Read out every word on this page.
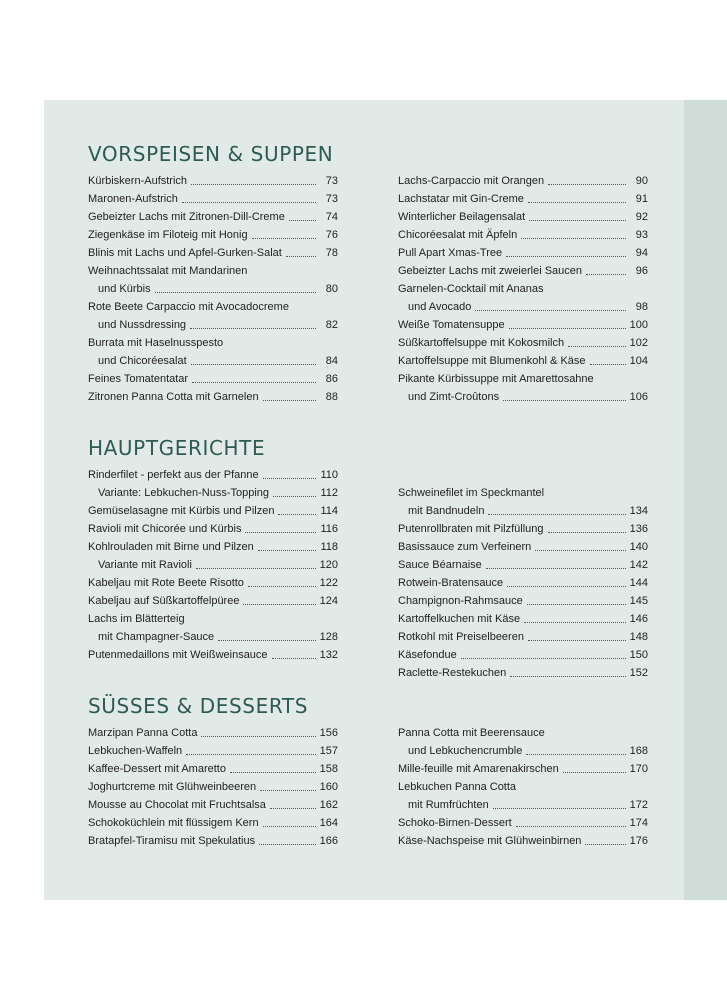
VORSPEISEN & SUPPEN
Kürbiskern-Aufstrich	73
Maronen-Aufstrich	73
Gebeizter Lachs mit Zitronen-Dill-Creme	74
Ziegenkäse im Filoteig mit Honig	76
Blinis mit Lachs und Apfel-Gurken-Salat	78
Weihnachtssalat mit Mandarinen
und Kürbis	80
Rote Beete Carpaccio mit Avocadocreme
und Nussdressing	82
Burrata mit Haselnusspesto
und Chicoréesalat	84
Feines Tomatentatar	86
Zitronen Panna Cotta mit Garnelen	88
Lachs-Carpaccio mit Orangen	90
Lachstatar mit Gin-Creme	91
Winterlicher Beilagensalat	92
Chicoréesalat mit Äpfeln	93
Pull Apart Xmas-Tree	94
Gebeizter Lachs mit zweierlei Saucen	96
Garnelen-Cocktail mit Ananas
und Avocado	98
Weiße Tomatensuppe	100
Süßkartoffelsuppe mit Kokosmilch	102
Kartoffelsuppe mit Blumenkohl & Käse	104
Pikante Kürbissuppe mit Amarettosahne
und Zimt-Croûtons	106
HAUPTGERICHTE
Rinderfilet - perfekt aus der Pfanne	110
Variante: Lebkuchen-Nuss-Topping	112
Gemüselasagne mit Kürbis und Pilzen	114
Ravioli mit Chicorée und Kürbis	116
Kohlrouladen mit Birne und Pilzen	118
Variante mit Ravioli	120
Kabeljau mit Rote Beete Risotto	122
Kabeljau auf Süßkartoffelpüree	124
Lachs im Blätterteig
mit Champagner-Sauce	128
Putenmedaillons mit Weißweinsauce	132
Schweinefilet im Speckmantel
mit Bandnudeln	134
Putenrollbraten mit Pilzfüllung	136
Basissauce zum Verfeinern	140
Sauce Béarnaise	142
Rotwein-Bratensauce	144
Champignon-Rahmsauce	145
Kartoffelkuchen mit Käse	146
Rotkohl mit Preiselbeeren	148
Käsefondue	150
Raclette-Restekuchen	152
SÜSSES & DESSERTS
Marzipan Panna Cotta	156
Lebkuchen-Waffeln	157
Kaffee-Dessert mit Amaretto	158
Joghurtcreme mit Glühweinbeeren	160
Mousse au Chocolat mit Fruchtsalsa	162
Schokoküchlein mit flüssigem Kern	164
Bratapfel-Tiramisu mit Spekulatius	166
Panna Cotta mit Beerensauce
und Lebkuchencrumble	168
Mille-feuille mit Amarenakirschen	170
Lebkuchen Panna Cotta
mit Rumfrüchten	172
Schoko-Birnen-Dessert	174
Käse-Nachspeise mit Glühweinbirnen	176
